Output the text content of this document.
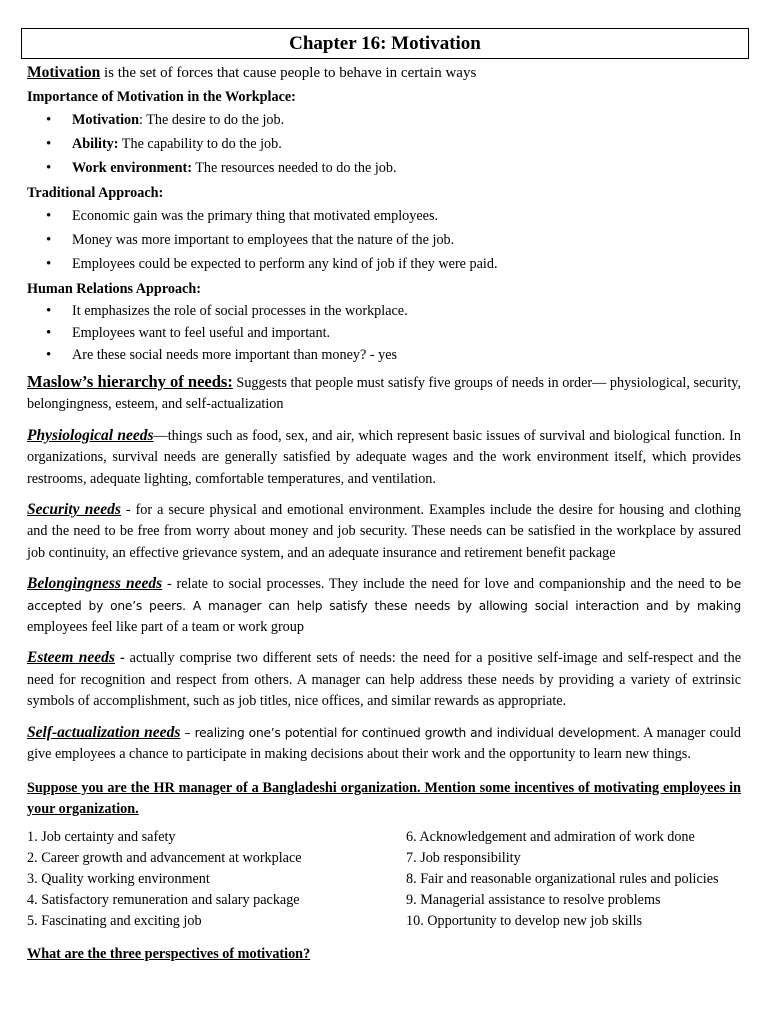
Chapter 16: Motivation

Motivation is the set of forces that cause people to behave in certain ways

Importance of Motivation in the Workplace:

• Motivation: The desire to do the job.
• Ability: The capability to do the job.
• Work environment: The resources needed to do the job.

Traditional Approach:

• Economic gain was the primary thing that motivated employees.
• Money was more important to employees that the nature of the job.
• Employees could be expected to perform any kind of job if they were paid.

Human Relations Approach:

• It emphasizes the role of social processes in the workplace.
• Employees want to feel useful and important.
• Are these social needs more important than money? - yes

Maslow’s hierarchy of needs: Suggests that people must satisfy five groups of needs in order— physiological, security, belongingness, esteem, and self-actualization

Physiological needs—things such as food, sex, and air, which represent basic issues of survival and biological function. In organizations, survival needs are generally satisfied by adequate wages and the work environment itself, which provides restrooms, adequate lighting, comfortable temperatures, and ventilation.

Security needs - for a secure physical and emotional environment. Examples include the desire for housing and clothing and the need to be free from worry about money and job security. These needs can be satisfied in the workplace by assured job continuity, an effective grievance system, and an adequate insurance and retirement benefit package

Belongingness needs - relate to social processes. They include the need for love and companionship and the need to be accepted by one’s peers. A manager can help satisfy these needs by allowing social interaction and by making employees feel like part of a team or work group

Esteem needs - actually comprise two different sets of needs: the need for a positive self-image and self-respect and the need for recognition and respect from others. A manager can help address these needs by providing a variety of extrinsic symbols of accomplishment, such as job titles, nice offices, and similar rewards as appropriate.

Self-actualization needs – realizing one’s potential for continued growth and individual development. A manager could give employees a chance to participate in making decisions about their work and the opportunity to learn new things.

Suppose you are the HR manager of a Bangladeshi organization. Mention some incentives of motivating employees in your organization.

1. Job certainty and safety
2. Career growth and advancement at workplace
3. Quality working environment
4. Satisfactory remuneration and salary package
5. Fascinating and exciting job
6. Acknowledgement and admiration of work done
7. Job responsibility
8. Fair and reasonable organizational rules and policies
9. Managerial assistance to resolve problems
10. Opportunity to develop new job skills

What are the three perspectives of motivation?
